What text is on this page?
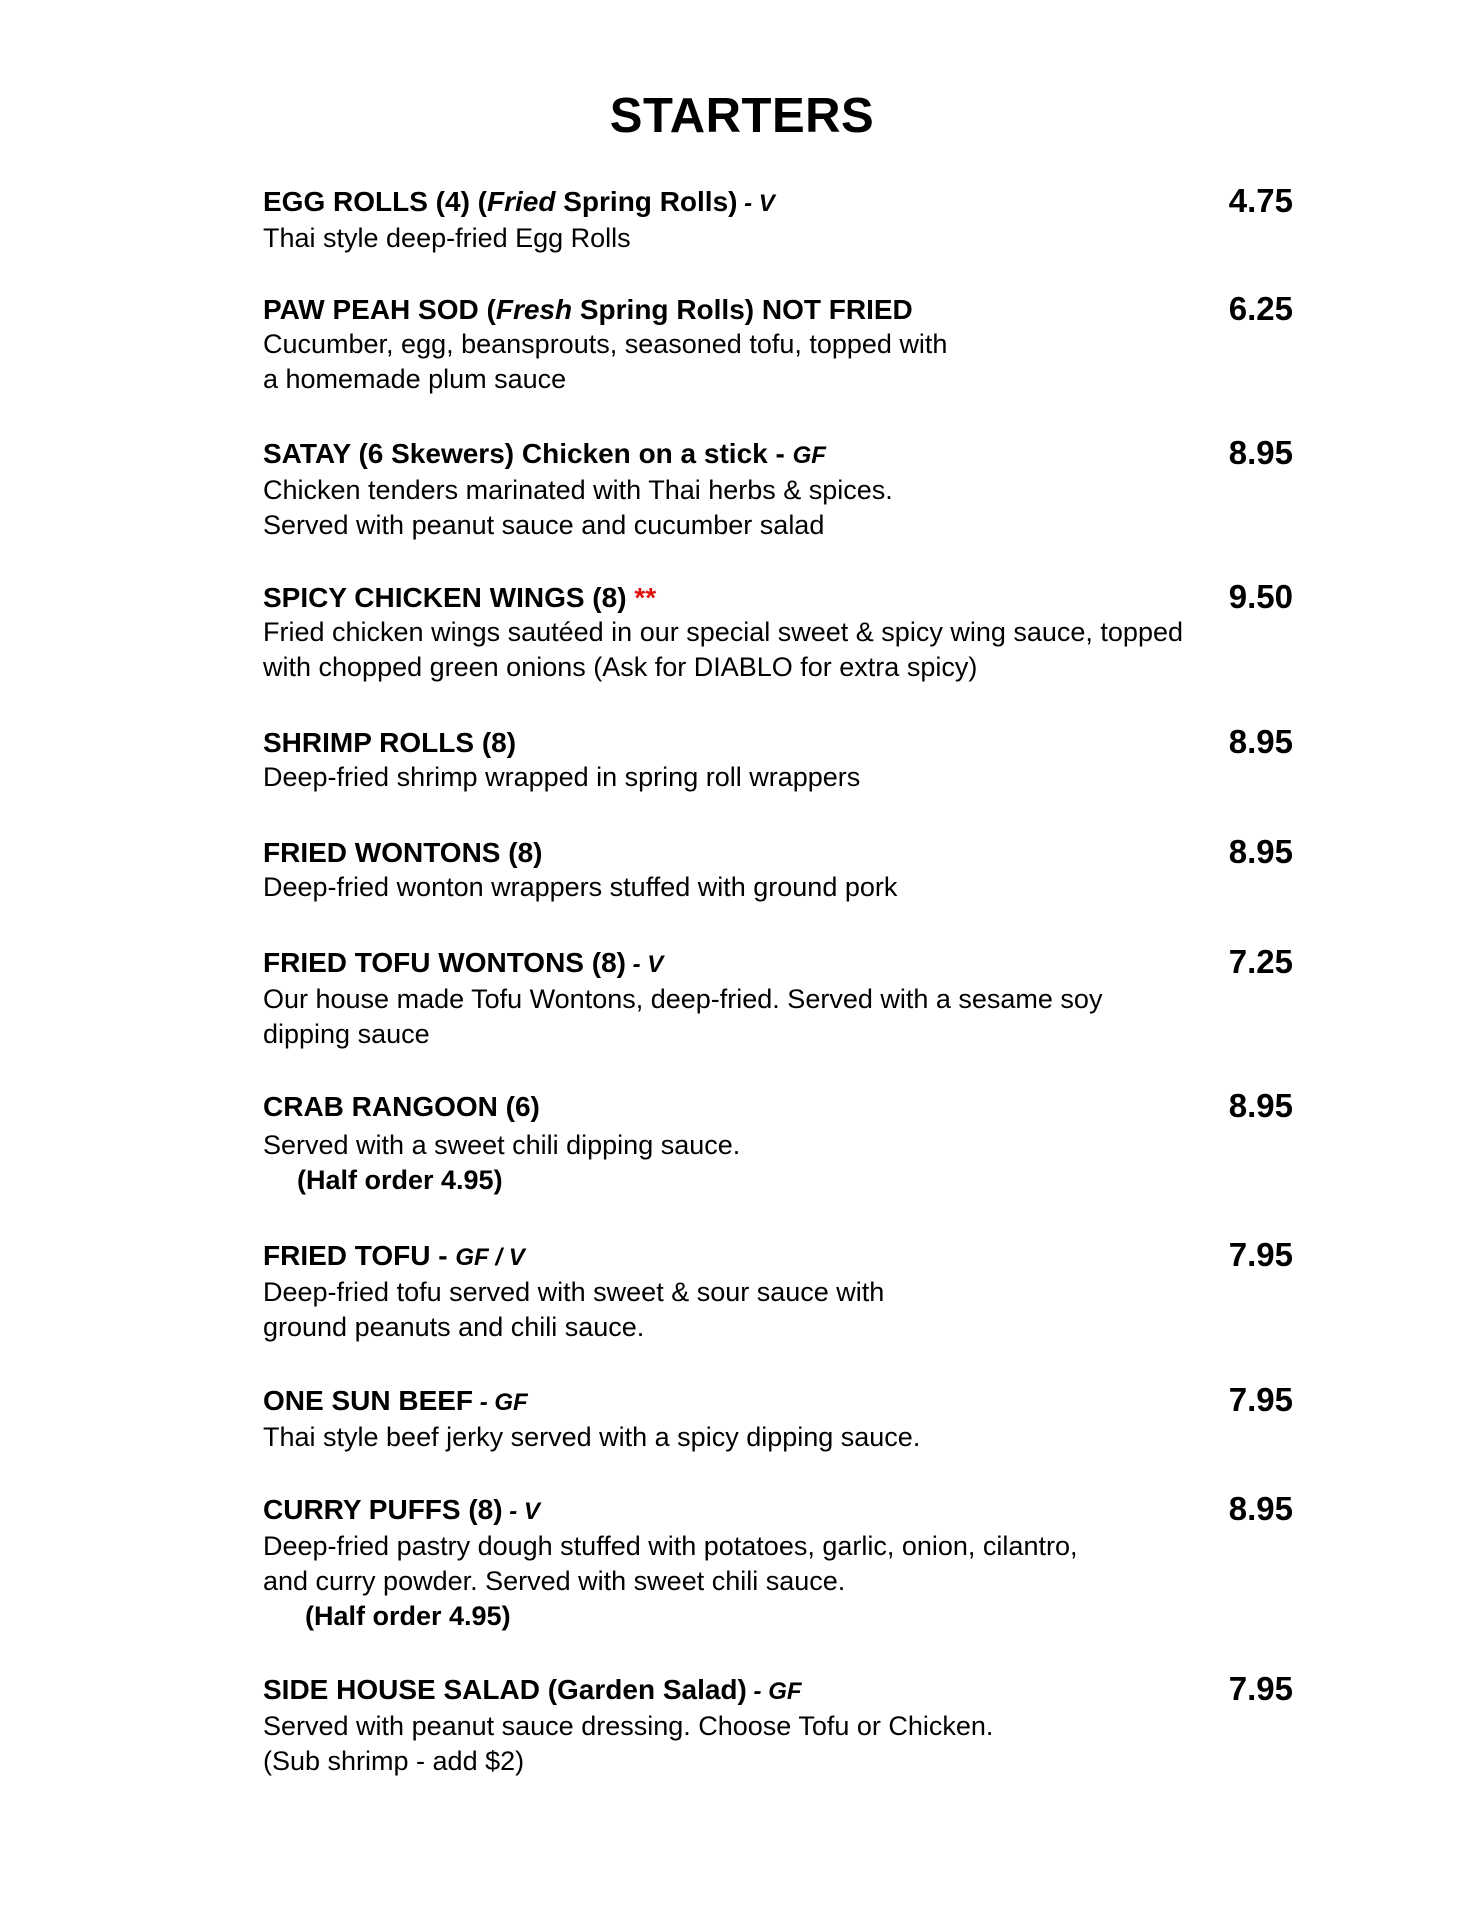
STARTERS
EGG ROLLS (4) (Fried Spring Rolls) - V	4.75
Thai style deep-fried Egg Rolls
PAW PEAH SOD (Fresh Spring Rolls) NOT FRIED	6.25
Cucumber, egg, beansprouts, seasoned tofu, topped with
a homemade plum sauce
SATAY (6 Skewers) Chicken on a stick - GF	8.95
Chicken tenders marinated with Thai herbs & spices.
Served with peanut sauce and cucumber salad
SPICY CHICKEN WINGS (8) **	9.50
Fried chicken wings sautéed in our special sweet & spicy wing sauce, topped
with chopped green onions (Ask for DIABLO for extra spicy)
SHRIMP ROLLS (8)	8.95
Deep-fried shrimp wrapped in spring roll wrappers
FRIED WONTONS (8)	8.95
Deep-fried wonton wrappers stuffed with ground pork
FRIED TOFU WONTONS (8) - V	7.25
Our house made Tofu Wontons, deep-fried. Served with a sesame soy
dipping sauce
CRAB RANGOON (6)	8.95
Served with a sweet chili dipping sauce.
(Half order 4.95)
FRIED TOFU - GF / V	7.95
Deep-fried tofu served with sweet & sour sauce with
ground peanuts and chili sauce.
ONE SUN BEEF - GF	7.95
Thai style beef jerky served with a spicy dipping sauce.
CURRY PUFFS (8) - V	8.95
Deep-fried pastry dough stuffed with potatoes, garlic, onion, cilantro,
and curry powder. Served with sweet chili sauce.
(Half order 4.95)
SIDE HOUSE SALAD (Garden Salad) - GF	7.95
Served with peanut sauce dressing. Choose Tofu or Chicken.
(Sub shrimp - add $2)
